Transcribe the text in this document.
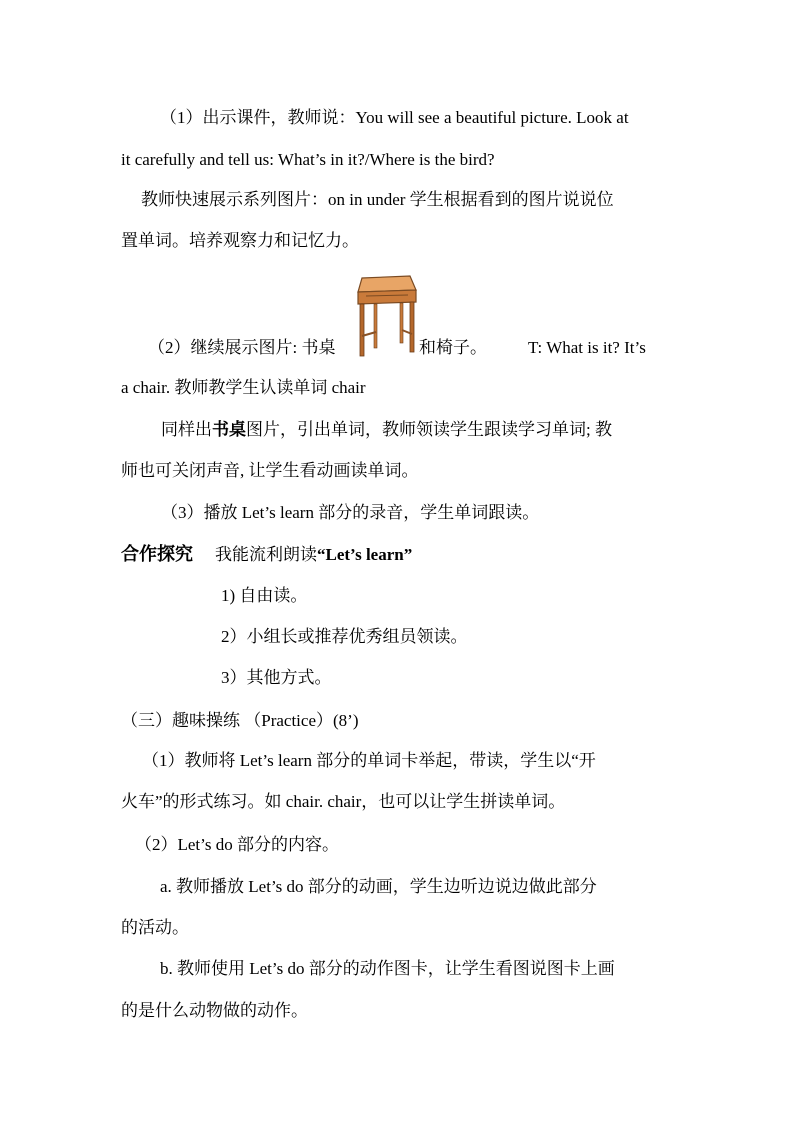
（1）出示课件，教师说：You will see a beautiful picture. Look at
it carefully and tell us: What’s in it?/Where is the bird?
教师快速展示系列图片：on in under 学生根据看到的图片说说位
置单词。培养观察力和记忆力。
（2）继续展示图片: 书桌	和椅子。 T: What is it? It’s
a chair. 教师教学生认读单词 chair
同样出书桌图片，引出单词，教师领读学生跟读学习单词; 教
师也可关闭声音, 让学生看动画读单词。
（3）播放 Let’s learn 部分的录音，学生单词跟读。
合作探究 我能流利朗读“Let’s learn”
1) 自由读。
2）小组长或推荐优秀组员领读。
3）其他方式。
（三）趣味操练 （Practice）(8’)
（1）教师将 Let’s learn 部分的单词卡举起，带读，学生以“开
火车”的形式练习。如 chair. chair，也可以让学生拼读单词。
（2）Let’s do 部分的内容。
a. 教师播放 Let’s do 部分的动画，学生边听边说边做此部分
的活动。
b. 教师使用 Let’s do 部分的动作图卡，让学生看图说图卡上画
的是什么动物做的动作。
